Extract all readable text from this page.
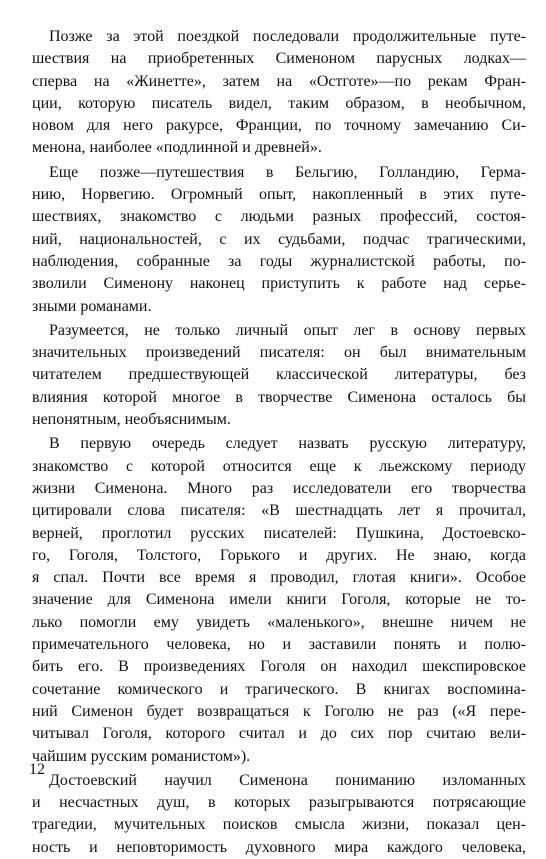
Позже за этой поездкой последовали продолжительные путе-
шествия на приобретенных Сименоном парусных лодках—
сперва на «Жинетте», затем на «Остготе»—по рекам Фран-
ции, которую писатель видел, таким образом, в необычном,
новом для него ракурсе, Франции, по точному замечанию Си-
менона, наиболее «подлинной и древней».

Еще позже—путешествия в Бельгию, Голландию, Герма-
нию, Норвегию. Огромный опыт, накопленный в этих путе-
шествиях, знакомство с людьми разных профессий, состоя-
ний, национальностей, с их судьбами, подчас трагическими,
наблюдения, собранные за годы журналистской работы, по-
зволили Сименону наконец приступить к работе над серье-
зными романами.

Разумеется, не только личный опыт лег в основу первых
значительных произведений писателя: он был внимательным
читателем предшествующей классической литературы, без
влияния которой многое в творчестве Сименона осталось бы
непонятным, необъяснимым.

В первую очередь следует назвать русскую литературу,
знакомство с которой относится еще к льежскому периоду
жизни Сименона. Много раз исследователи его творчества
цитировали слова писателя: «В шестнадцать лет я прочитал,
верней, проглотил русских писателей: Пушкина, Достоевско-
го, Гоголя, Толстого, Горького и других. Не знаю, когда
я спал. Почти все время я проводил, глотая книги». Особое
значение для Сименона имели книги Гоголя, которые не то-
лько помогли ему увидеть «маленького», внешне ничем не
примечательного человека, но и заставили понять и полю-
бить его. В произведениях Гоголя он находил шекспировское
сочетание комического и трагического. В книгах воспомина-
ний Сименон будет возвращаться к Гоголю не раз («Я пере-
читывал Гоголя, которого считал и до сих пор считаю вели-
чайшим русским романистом»).

Достоевский научил Сименона пониманию изломанных
и несчастных душ, в которых разыгрываются потрясающие
трагедии, мучительных поисков смысла жизни, показал цен-
ность и неповторимость духовного мира каждого человека,

12
